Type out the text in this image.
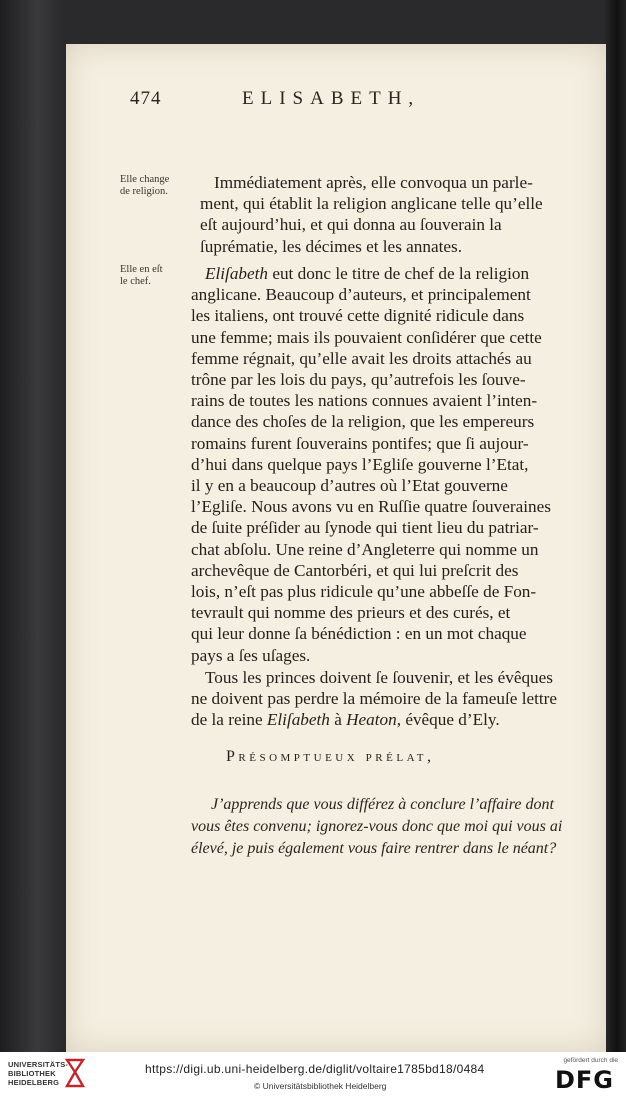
474	ELISABETH,
Elle change
de religion.
Elle en eſt
le chef.
Immédiatement après, elle convoqua un parle-
ment, qui établit la religion anglicane telle qu’elle
eſt aujourd’hui, et qui donna au ſouverain la
ſuprématie, les décimes et les annates.
Eliſabeth eut donc le titre de chef de la religion
anglicane. Beaucoup d’auteurs, et principalement
les italiens, ont trouvé cette dignité ridicule dans
une femme; mais ils pouvaient conſidérer que cette
femme régnait, qu’elle avait les droits attachés au
trône par les lois du pays, qu’autrefois les ſouve-
rains de toutes les nations connues avaient l’inten-
dance des choſes de la religion, que les empereurs
romains furent ſouverains pontifes; que ſi aujour-
d’hui dans quelque pays l’Egliſe gouverne l’Etat,
il y en a beaucoup d’autres où l’Etat gouverne
l’Egliſe. Nous avons vu en Ruſſie quatre ſouveraines
de ſuite préſider au ſynode qui tient lieu du patriar-
chat abſolu. Une reine d’Angleterre qui nomme un
archevêque de Cantorbéri, et qui lui preſcrit des
lois, n’eſt pas plus ridicule qu’une abbeſſe de Fon-
tevrault qui nomme des prieurs et des curés, et
qui leur donne ſa bénédiction : en un mot chaque
pays a ſes uſages.
Tous les princes doivent ſe ſouvenir, et les évêques
ne doivent pas perdre la mémoire de la fameuſe lettre
de la reine Eliſabeth à Heaton, évêque d’Ely.
Présomptueux prélat,
J’apprends que vous différez à conclure l’affaire dont
vous êtes convenu; ignorez-vous donc que moi qui vous ai
élevé, je puis également vous faire rentrer dans le néant?
UNIVERSITÄTS-
BIBLIOTHEK
HEIDELBERG
https://digi.ub.uni-heidelberg.de/diglit/voltaire1785bd18/0484
© Universitätsbibliothek Heidelberg
gefördert durch die
DFG
